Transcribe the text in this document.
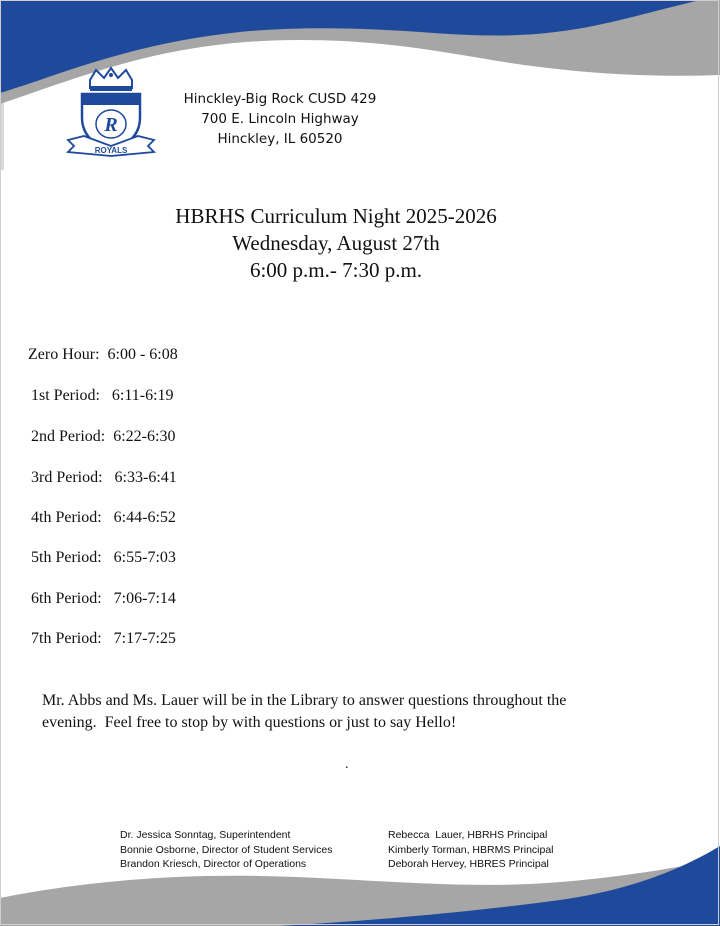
R
ROYALS
Hinckley-Big Rock CUSD 429
700 E. Lincoln Highway
Hinckley, IL 60520
HBRHS Curriculum Night 2025-2026
Wednesday, August 27th
6:00 p.m.- 7:30 p.m.
Zero Hour: 6:00 - 6:08
1st Period: 6:11-6:19
2nd Period: 6:22-6:30
3rd Period: 6:33-6:41
4th Period: 6:44-6:52
5th Period: 6:55-7:03
6th Period: 7:06-7:14
7th Period: 7:17-7:25
Mr. Abbs and Ms. Lauer will be in the Library to answer questions throughout the
evening.  Feel free to stop by with questions or just to say Hello!
.
Dr. Jessica Sonntag, Superintendent
Bonnie Osborne, Director of Student Services
Brandon Kriesch, Director of Operations
Rebecca  Lauer, HBRHS Principal
Kimberly Torman, HBRMS Principal
Deborah Hervey, HBRES Principal
